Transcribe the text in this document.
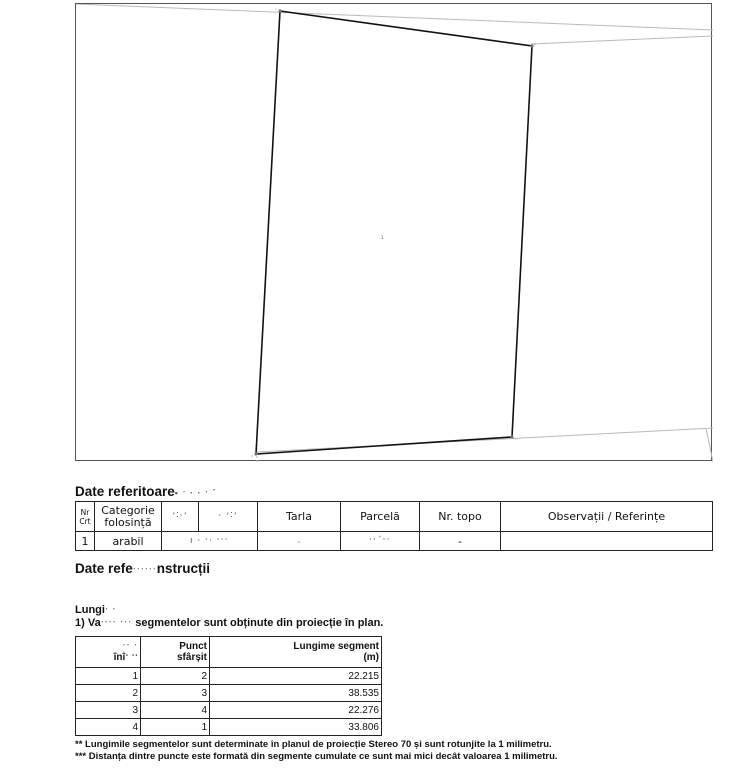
1
1
2
3
4
Date referitoare▪ ˑ · · ˑ ´
Nr Crt	Categorie folosință	ʼ˸ˑʼ	ˑ ʼ˸ʼ	Tarla	Parcelă	Nr. topo	Observații / Referințe
1	arabil	ı · ˑ· ˑˑˑ		-	ˑˑˊˑˑ	-	
Date refeˑˑˑˑˑˑnstrucții
Lungiˑ ˑ
1) Vaˑˑˑˑ ˑˑˑ segmentelor sunt obținute din proiecție în plan.
ˑˑ ˑ
înîˑ ˑˑ	Punct
sfârșit	Lungime segment
(m)
1	2	22.215
2	3	38.535
3	4	22.276
4	1	33.806
** Lungimile segmentelor sunt determinate în planul de proiecție Stereo 70 și sunt rotunjite la 1 milimetru.
*** Distanța dintre puncte este formată din segmente cumulate ce sunt mai mici decât valoarea 1 milimetru.
